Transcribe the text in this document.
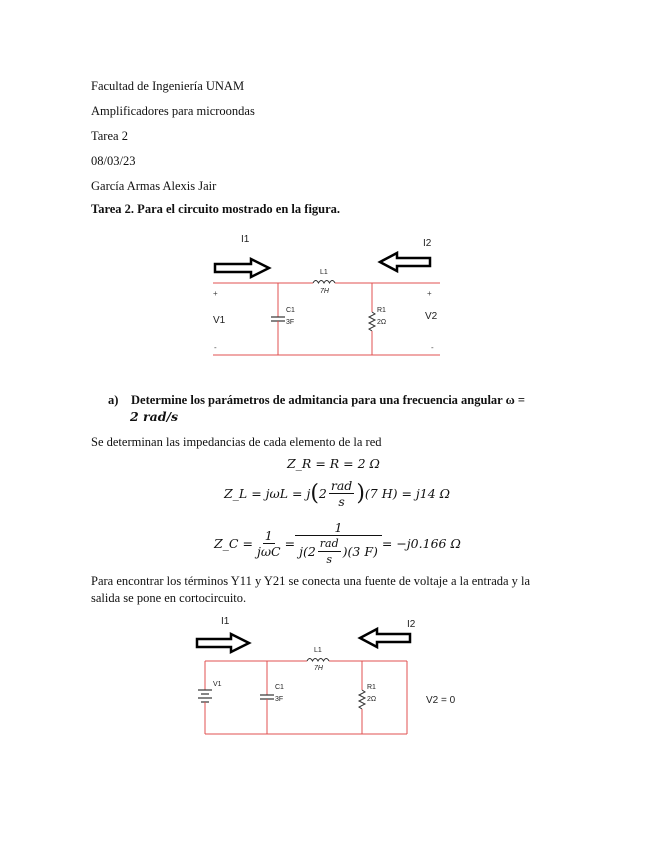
Facultad de Ingeniería UNAM
Amplificadores para microondas
Tarea 2
08/03/23
García Armas Alexis Jair
Tarea 2. Para el circuito mostrado en la figura.
I1	I2
L1
7H
C1
3F
R1
2Ω
+	+
V1	V2
-	-
a) Determine los parámetros de admitancia para una frecuencia angular ω =
2 rad/s
Se determinan las impedancias de cada elemento de la red
Z_R = R = 2 Ω
Z_L = jωL = j ( $2 \frac{\text{rad}}{s}$ ) (7 H) = j14 Ω
Z_C = $\frac{1}{\text{jωC}} = \frac{1}{j(2 \frac{\text{rad}}{s} )(3 F)} = -j0.166$ Ω
Para encontrar los términos Y11 y Y21 se conecta una fuente de voltaje a la entrada y la
salida se pone en cortocircuito.
I1	I2
L1
7H
V1	C1
3F
R1
2Ω	V2 = 0
